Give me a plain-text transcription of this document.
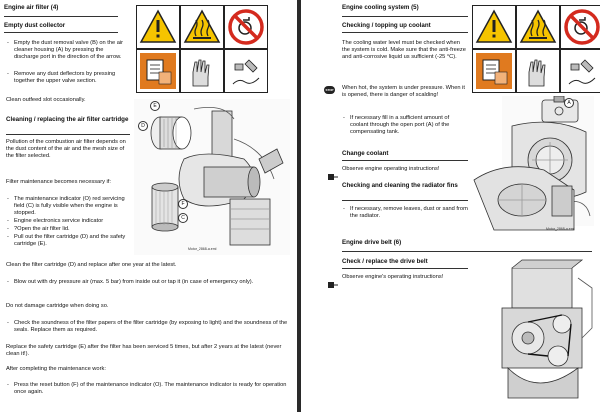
Engine air filter (4)
Empty dust collector
- Empty the dust removal valve (B) on the air cleaner housing (A) by pressing the discharge port in the direction of the arrow.
- Remove any dust deflectors by pressing together the upper valve section.
Clean outfeed slot occasionally.
Cleaning / replacing the air filter cartridge
Pollution of the combustion air filter depends on the dust content of the air and the mesh size of the filter selected.
Filter maintenance becomes necessary if:
- The maintenance indicator (O) red servicing field (C) is fully visible when the engine is stopped.
- Engine electronics service indicator
- ?Open the air filter lid.
- Pull out the filter cartridge (D) and the safety cartridge (E).
E
D
F
C
Motor_2868-a.eml
Clean the filter cartridge (D) and replace after one year at the latest.
- Blow out with dry pressure air (max. 5 bar) from inside out or tap it (in case of emergency only).
Do not damage cartridge when doing so.
- Check the soundness of the filter papers of the filter cartridge (by exposing to light) and the soundness of the seals. Replace them as required.
Replace the safety cartridge (E) after the filter has been serviced 5 times, but after 2 years at the latest (never clean it!).
After completing the maintenance work:
- Press the reset button (F) of the maintenance indicator (O). The maintenance indicator is ready for operation once again.
Engine cooling system (5)
Checking / topping up coolant
The cooling water level must be checked when the system is cold. Make sure that the anti-freeze and anti-corrosive liquid us sufficient (-25 °C).
STOP When hot, the system is under pressure. When it is opened, there is danger of scalding!
- If necessary fill in a sufficient amount of coolant through the open port (A) of the compensating tank.
A
Change coolant
Observe engine operating instructions!
Checking and cleaning the radiator fins
- If necessary, remove leaves, dust or sand from the radiator.
Motor_2868-a.eml
Engine drive belt (6)
Check / replace the drive belt
Observe engine's operating instructions!
